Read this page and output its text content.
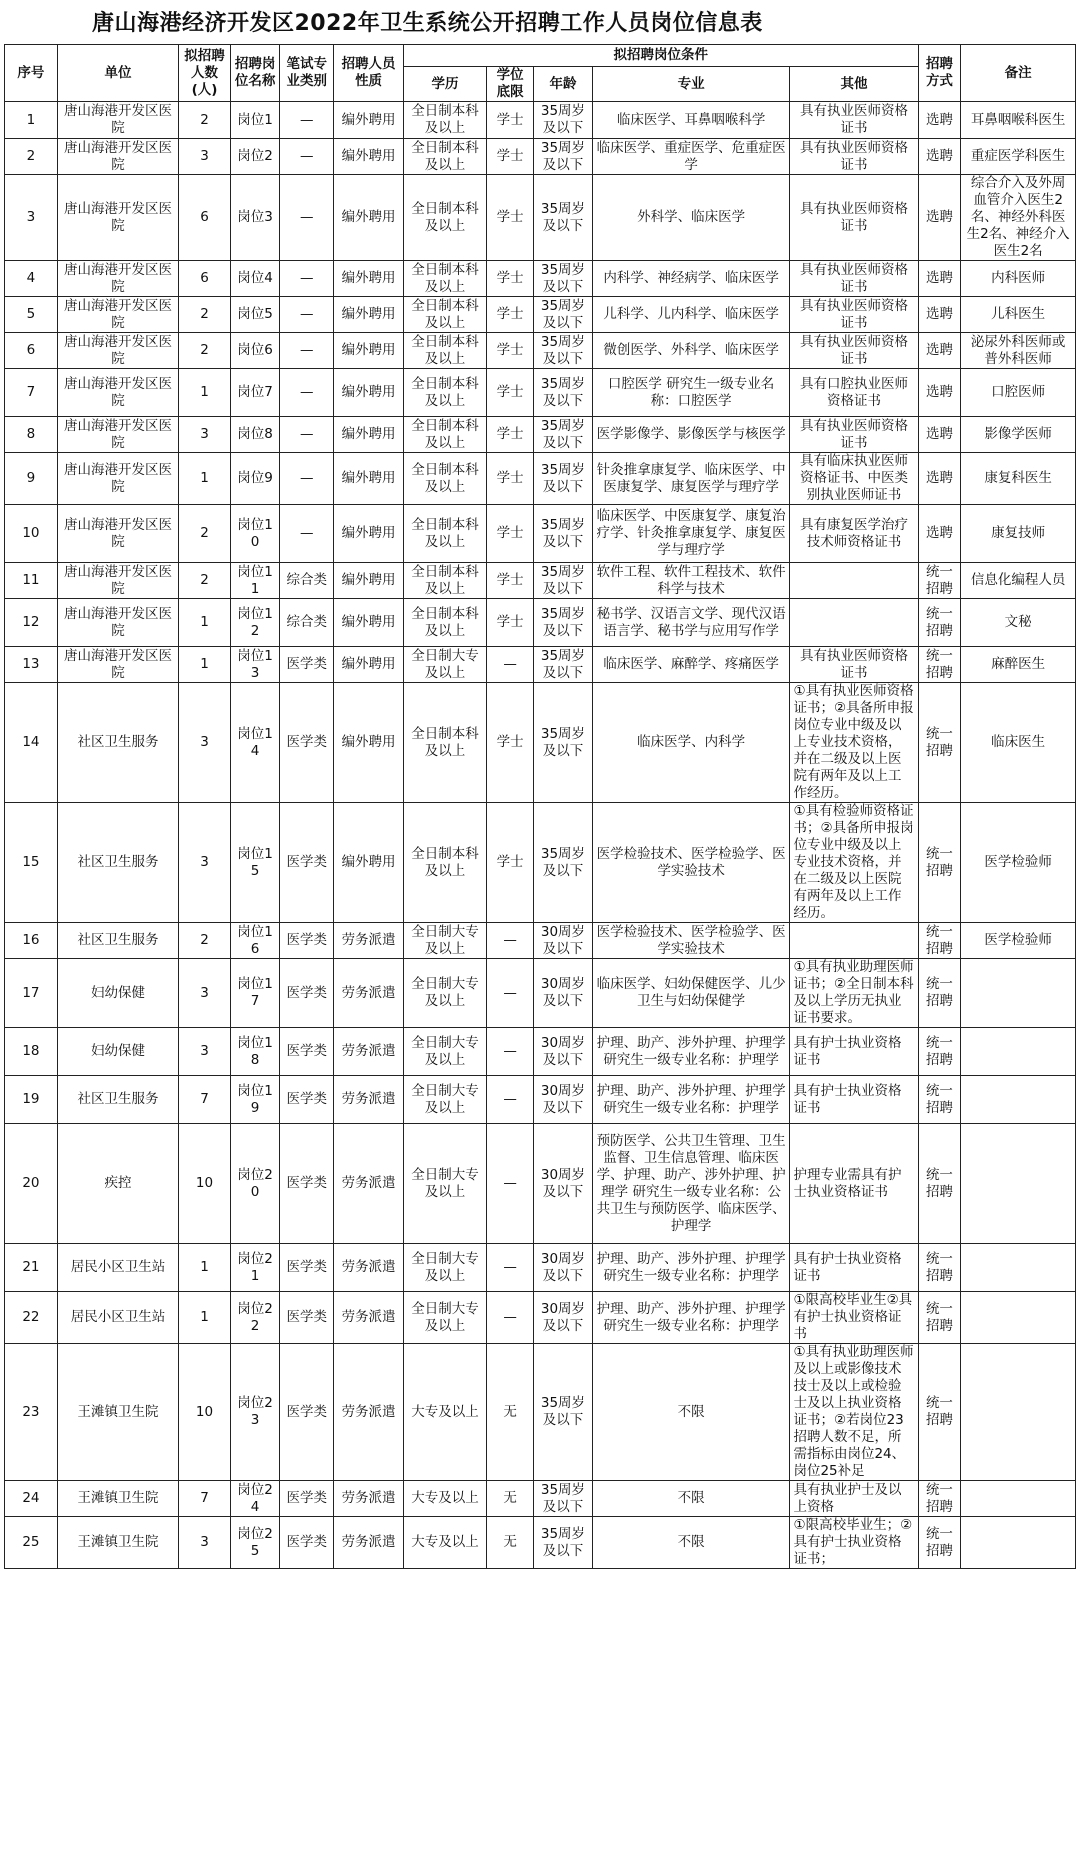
唐山海港经济开发区2022年卫生系统公开招聘工作人员岗位信息表
序号	单位	拟招聘人数(人)	招聘岗位名称	笔试专业类别	招聘人员性质	拟招聘岗位条件					招聘方式	备注
						学历	学位底限	年龄	专业	其他		
1	唐山海港开发区医院	2	岗位1	—	编外聘用	全日制本科及以上	学士	35周岁及以下	临床医学、耳鼻咽喉科学	具有执业医师资格证书	选聘	耳鼻咽喉科医生
2	唐山海港开发区医院	3	岗位2	—	编外聘用	全日制本科及以上	学士	35周岁及以下	临床医学、重症医学、危重症医学	具有执业医师资格证书	选聘	重症医学科医生
3	唐山海港开发区医院	6	岗位3	—	编外聘用	全日制本科及以上	学士	35周岁及以下	外科学、临床医学	具有执业医师资格证书	选聘	综合介入及外周血管介入医生2名、神经外科医生2名、神经介入医生2名
4	唐山海港开发区医院	6	岗位4	—	编外聘用	全日制本科及以上	学士	35周岁及以下	内科学、神经病学、临床医学	具有执业医师资格证书	选聘	内科医师
5	唐山海港开发区医院	2	岗位5	—	编外聘用	全日制本科及以上	学士	35周岁及以下	儿科学、儿内科学、临床医学	具有执业医师资格证书	选聘	儿科医生
6	唐山海港开发区医院	2	岗位6	—	编外聘用	全日制本科及以上	学士	35周岁及以下	微创医学、外科学、临床医学	具有执业医师资格证书	选聘	泌尿外科医师或普外科医师
7	唐山海港开发区医院	1	岗位7	—	编外聘用	全日制本科及以上	学士	35周岁及以下	口腔医学 研究生一级专业名称：口腔医学	具有口腔执业医师资格证书	选聘	口腔医师
8	唐山海港开发区医院	3	岗位8	—	编外聘用	全日制本科及以上	学士	35周岁及以下	医学影像学、影像医学与核医学	具有执业医师资格证书	选聘	影像学医师
9	唐山海港开发区医院	1	岗位9	—	编外聘用	全日制本科及以上	学士	35周岁及以下	针灸推拿康复学、临床医学、中医康复学、康复医学与理疗学	具有临床执业医师资格证书、中医类别执业医师证书	选聘	康复科医生
10	唐山海港开发区医院	2	岗位10	—	编外聘用	全日制本科及以上	学士	35周岁及以下	临床医学、中医康复学、康复治疗学、针灸推拿康复学、康复医学与理疗学	具有康复医学治疗技术师资格证书	选聘	康复技师
11	唐山海港开发区医院	2	岗位11	综合类	编外聘用	全日制本科及以上	学士	35周岁及以下	软件工程、软件工程技术、软件科学与技术		统一招聘	信息化编程人员
12	唐山海港开发区医院	1	岗位12	综合类	编外聘用	全日制本科及以上	学士	35周岁及以下	秘书学、汉语言文学、现代汉语语言学、秘书学与应用写作学		统一招聘	文秘
13	唐山海港开发区医院	1	岗位13	医学类	编外聘用	全日制大专及以上	—	35周岁及以下	临床医学、麻醉学、疼痛医学	具有执业医师资格证书	统一招聘	麻醉医生
14	社区卫生服务	3	岗位14	医学类	编外聘用	全日制本科及以上	学士	35周岁及以下	临床医学、内科学	①具有执业医师资格证书；②具备所申报岗位专业中级及以上专业技术资格，并在二级及以上医院有两年及以上工作经历。	统一招聘	临床医生
15	社区卫生服务	3	岗位15	医学类	编外聘用	全日制本科及以上	学士	35周岁及以下	医学检验技术、医学检验学、医学实验技术	①具有检验师资格证书；②具备所申报岗位专业中级及以上专业技术资格，并在二级及以上医院有两年及以上工作经历。	统一招聘	医学检验师
16	社区卫生服务	2	岗位16	医学类	劳务派遣	全日制大专及以上	—	30周岁及以下	医学检验技术、医学检验学、医学实验技术		统一招聘	医学检验师
17	妇幼保健	3	岗位17	医学类	劳务派遣	全日制大专及以上	—	30周岁及以下	临床医学、妇幼保健医学、儿少卫生与妇幼保健学	①具有执业助理医师证书；②全日制本科及以上学历无执业证书要求。	统一招聘	
18	妇幼保健	3	岗位18	医学类	劳务派遣	全日制大专及以上	—	30周岁及以下	护理、助产、涉外护理、护理学 研究生一级专业名称：护理学	具有护士执业资格证书	统一招聘	
19	社区卫生服务	7	岗位19	医学类	劳务派遣	全日制大专及以上	—	30周岁及以下	护理、助产、涉外护理、护理学 研究生一级专业名称：护理学	具有护士执业资格证书	统一招聘	
20	疾控	10	岗位20	医学类	劳务派遣	全日制大专及以上	—	30周岁及以下	预防医学、公共卫生管理、卫生监督、卫生信息管理、临床医学、护理、助产、涉外护理、护理学 研究生一级专业名称：公共卫生与预防医学、临床医学、护理学	护理专业需具有护士执业资格证书	统一招聘	
21	居民小区卫生站	1	岗位21	医学类	劳务派遣	全日制大专及以上	—	30周岁及以下	护理、助产、涉外护理、护理学 研究生一级专业名称：护理学	具有护士执业资格证书	统一招聘	
22	居民小区卫生站	1	岗位22	医学类	劳务派遣	全日制大专及以上	—	30周岁及以下	护理、助产、涉外护理、护理学 研究生一级专业名称：护理学	①限高校毕业生②具有护士执业资格证书	统一招聘	
23	王滩镇卫生院	10	岗位23	医学类	劳务派遣	大专及以上	无	35周岁及以下	不限	①具有执业助理医师及以上或影像技术技士及以上或检验士及以上执业资格证书；②若岗位23招聘人数不足，所需指标由岗位24、岗位25补足	统一招聘	
24	王滩镇卫生院	7	岗位24	医学类	劳务派遣	大专及以上	无	35周岁及以下	不限	具有执业护士及以上资格	统一招聘	
25	王滩镇卫生院	3	岗位25	医学类	劳务派遣	大专及以上	无	35周岁及以下	不限	①限高校毕业生；②具有护士执业资格证书；	统一招聘	
